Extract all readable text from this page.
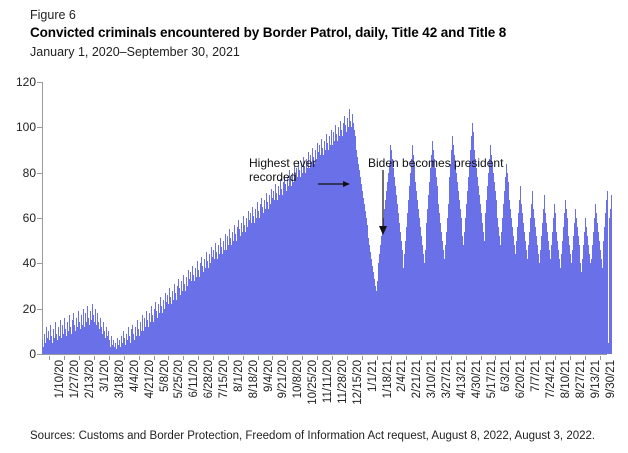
Figure 6
Convicted criminals encountered by Border Patrol, daily, Title 42 and Title 8
January 1, 2020–September 30, 2021
0
20
40
60
80
100
120
1/10/20 1/27/20 2/13/20 3/1/20 3/18/20 4/4/20 4/21/20 5/8/20 5/25/20 6/11/20 6/28/20 7/15/20 8/1/20 8/18/20 9/4/20 9/21/20 10/8/20 10/25/20 11/11/20 11/28/20 12/15/20 1/1/21 1/18/21 2/4/21 2/21/21 3/10/21 3/27/21 4/13/21 4/30/21 5/17/21 6/3/21 6/20/21 7/7/21 7/24/21 8/10/21 8/27/21 9/13/21 9/30/21
Highest ever
recorded
Biden becomes president
Sources: Customs and Border Protection, Freedom of Information Act request, August 8, 2022, August 3, 2022.
